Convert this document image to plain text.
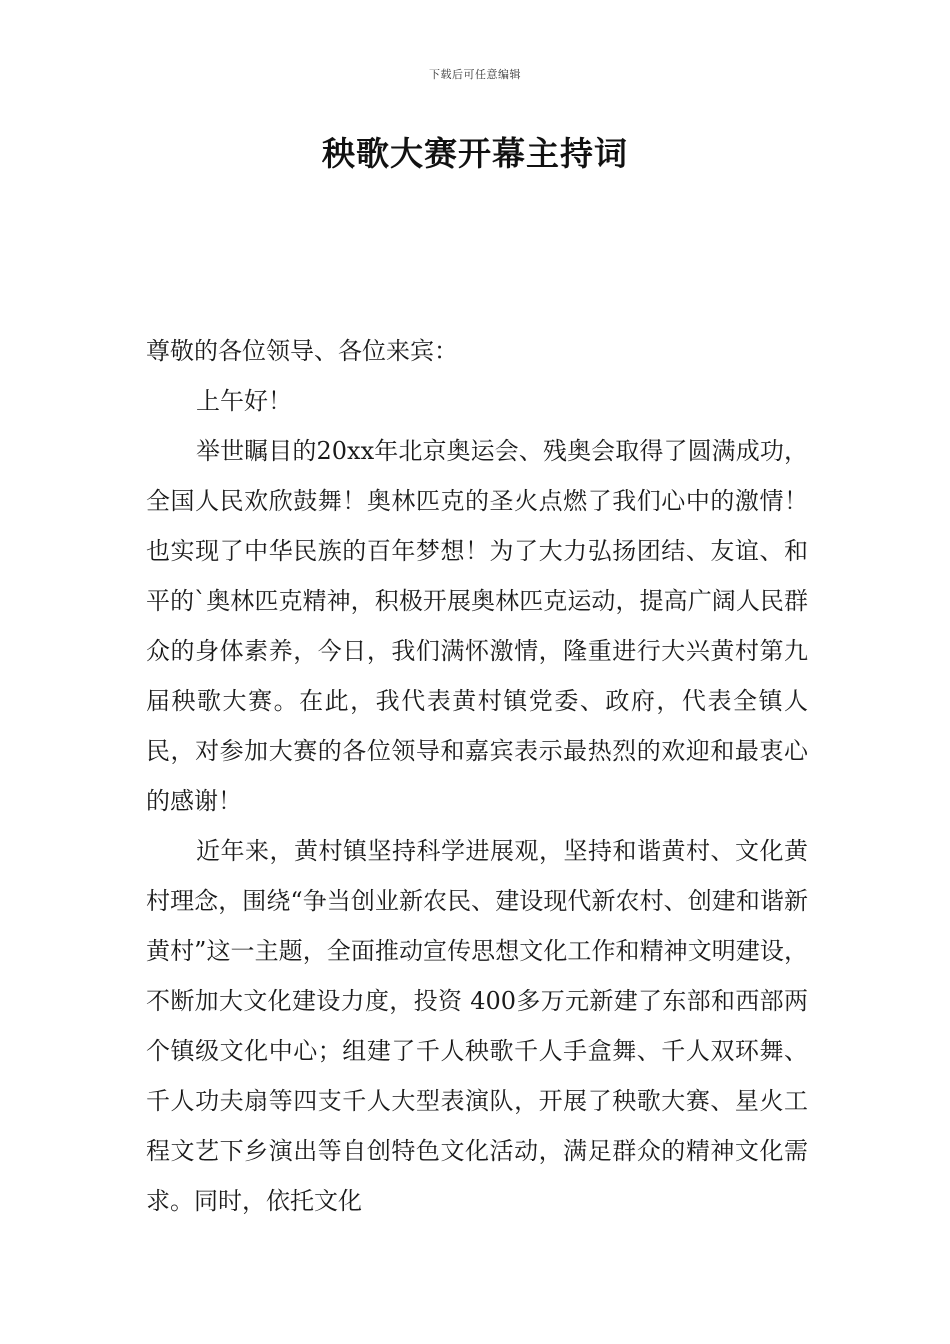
下载后可任意编辑
秧歌大赛开幕主持词

尊敬的各位领导、各位来宾：

上午好！

举世瞩目的20xx年北京奥运会、残奥会取得了圆满成功，全国人民欢欣鼓舞！奥林匹克的圣火点燃了我们心中的激情！也实现了中华民族的百年梦想！为了大力弘扬团结、友谊、和平的`奥林匹克精神，积极开展奥林匹克运动，提高广阔人民群众的身体素养，今日，我们满怀激情，隆重进行大兴黄村第九届秧歌大赛。在此，我代表黄村镇党委、政府，代表全镇人民，对参加大赛的各位领导和嘉宾表示最热烈的欢迎和最衷心的感谢！

近年来，黄村镇坚持科学进展观，坚持和谐黄村、文化黄村理念，围绕“争当创业新农民、建设现代新农村、创建和谐新黄村”这一主题，全面推动宣传思想文化工作和精神文明建设，不断加大文化建设力度，投资 400多万元新建了东部和西部两个镇级文化中心；组建了千人秧歌千人手盒舞、千人双环舞、千人功夫扇等四支千人大型表演队，开展了秧歌大赛、星火工程文艺下乡演出等自创特色文化活动，满足群众的精神文化需求。同时，依托文化
